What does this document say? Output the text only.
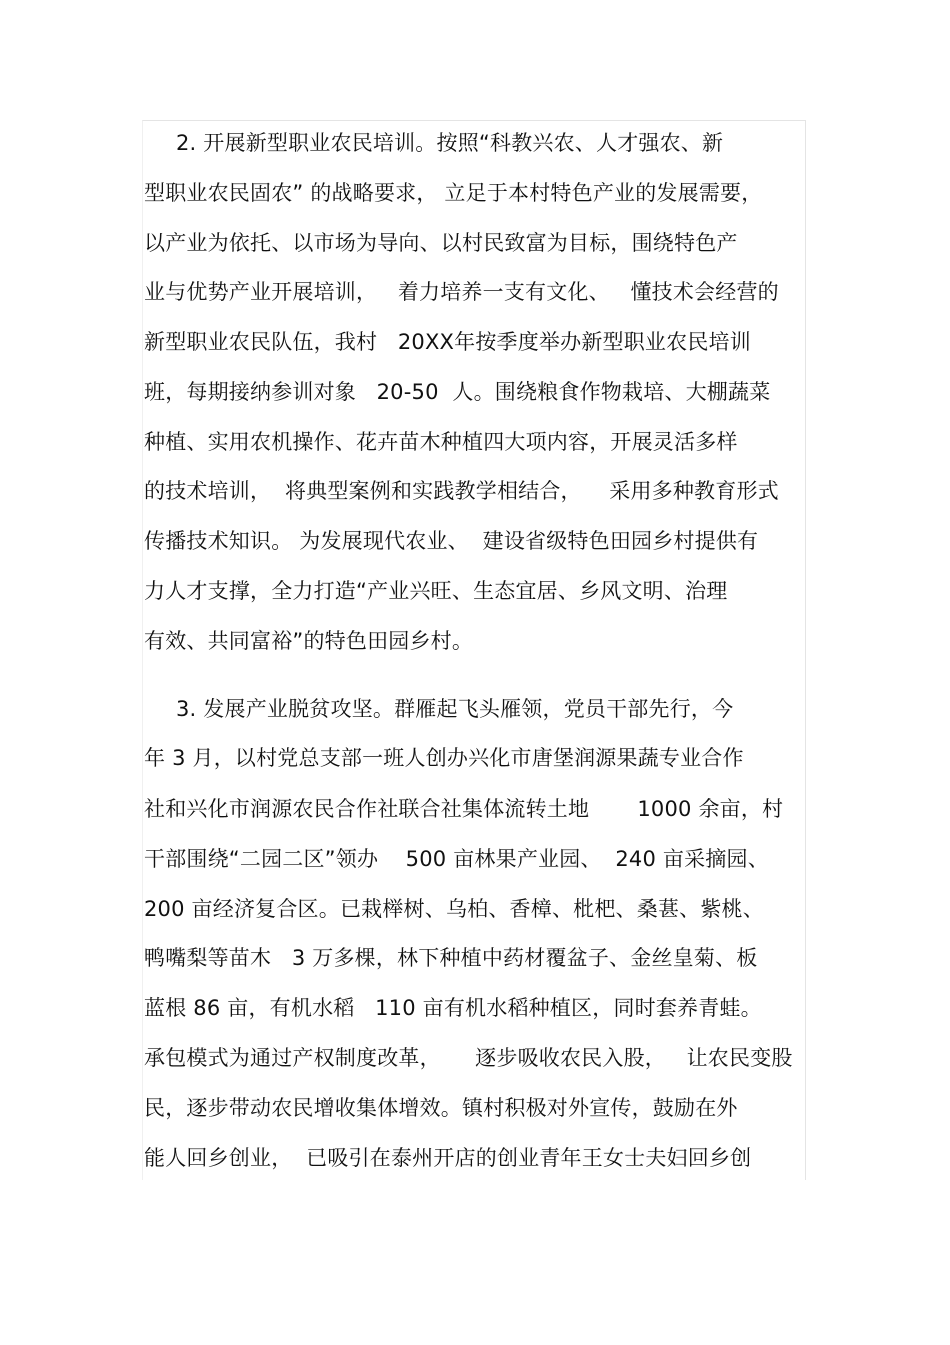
2. 开展新型职业农民培训。按照“科教兴农、人才强农、新
型职业农民固农” 的战略要求， 立足于本村特色产业的发展需要，
以产业为依托、以市场为导向、以村民致富为目标，围绕特色产
业与优势产业开展培训，   着力培养一支有文化、   懂技术会经营的
新型职业农民队伍，我村   20XX年按季度举办新型职业农民培训
班，每期接纳参训对象   20-50  人。围绕粮食作物栽培、大棚蔬菜
种植、实用农机操作、花卉苗木种植四大项内容，开展灵活多样
的技术培训，  将典型案例和实践教学相结合，    采用多种教育形式
传播技术知识。 为发展现代农业、  建设省级特色田园乡村提供有
力人才支撑，全力打造“产业兴旺、生态宜居、乡风文明、治理
有效、共同富裕”的特色田园乡村。
3. 发展产业脱贫攻坚。群雁起飞头雁领，党员干部先行，今
年 3 月，以村党总支部一班人创办兴化市唐堡润源果蔬专业合作
社和兴化市润源农民合作社联合社集体流转土地       1000 余亩，村
干部围绕“二园二区”领办    500 亩林果产业园、  240 亩采摘园、
200 亩经济复合区。已栽榉树、乌柏、香樟、枇杷、桑葚、紫桃、
鸭嘴梨等苗木   3 万多棵，林下种植中药材覆盆子、金丝皇菊、板
蓝根 86 亩，有机水稻   110 亩有机水稻种植区，同时套养青蛙。
承包模式为通过产权制度改革，     逐步吸收农民入股，   让农民变股
民，逐步带动农民增收集体增效。镇村积极对外宣传，鼓励在外
能人回乡创业，  已吸引在泰州开店的创业青年王女士夫妇回乡创
